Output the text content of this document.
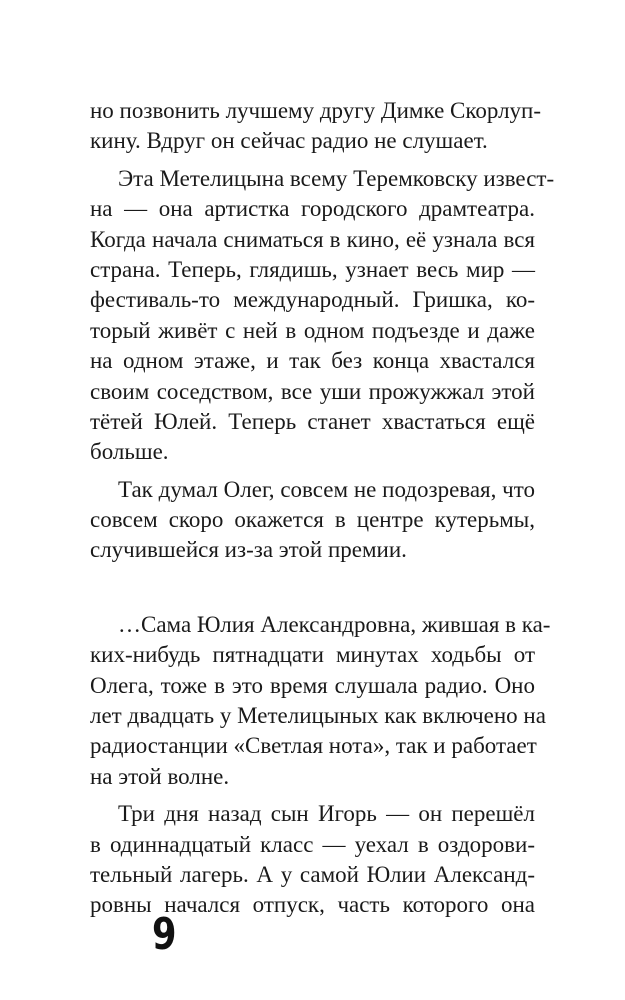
но позвонить лучшему другу Димке Скорлуп-
кину. Вдруг он сейчас радио не слушает.
Эта Метелицына всему Теремковску извест-
на — она артистка городского драмтеатра.
Когда начала сниматься в кино, её узнала вся
страна. Теперь, глядишь, узнает весь мир —
фестиваль-то международный. Гришка, ко-
торый живёт с ней в одном подъезде и даже
на одном этаже, и так без конца хвастался
своим соседством, все уши прожужжал этой
тётей Юлей. Теперь станет хвастаться ещё
больше.
Так думал Олег, совсем не подозревая, что
совсем скоро окажется в центре кутерьмы,
случившейся из-за этой премии.
…Сама Юлия Александровна, жившая в ка-
ких-нибудь пятнадцати минутах ходьбы от
Олега, тоже в это время слушала радио. Оно
лет двадцать у Метелицыных как включено на
радиостанции «Светлая нота», так и работает
на этой волне.
Три дня назад сын Игорь — он перешёл
в одиннадцатый класс — уехал в оздорови-
тельный лагерь. А у самой Юлии Александ-
ровны начался отпуск, часть которого она
9
